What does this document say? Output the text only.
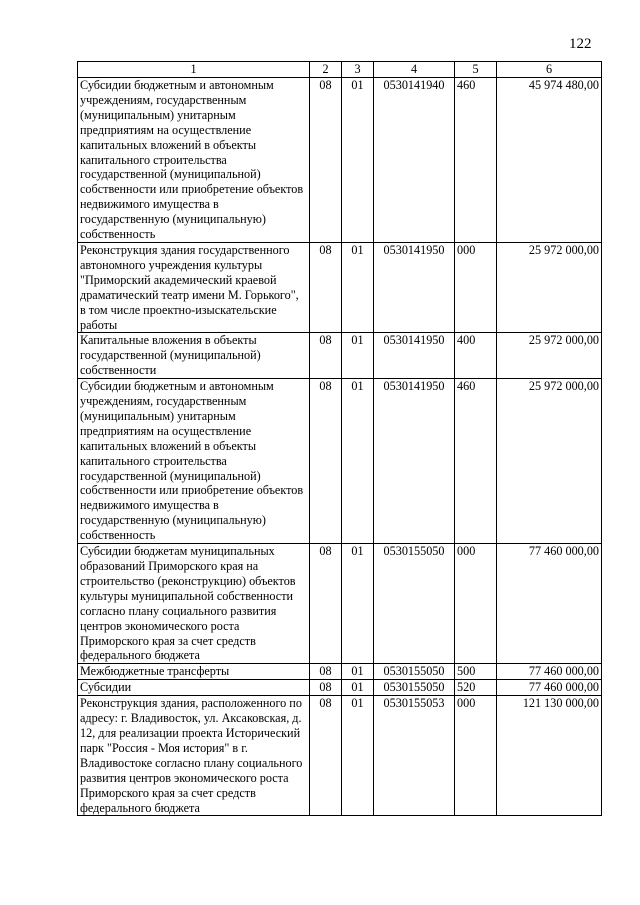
122
1	2	3	4	5	6
Субсидии бюджетным и автономным учреждениям, государственным (муниципальным) унитарным предприятиям на осуществление капитальных вложений в объекты капитального строительства государственной (муниципальной) собственности или приобретение объектов недвижимого имущества в государственную (муниципальную) собственность	08	01	0530141940	460	45 974 480,00
Реконструкция здания государственного автономного учреждения культуры "Приморский академический краевой драматический театр имени М. Горького", в том числе проектно-изыскательские работы	08	01	0530141950	000	25 972 000,00
Капитальные вложения в объекты государственной (муниципальной) собственности	08	01	0530141950	400	25 972 000,00
Субсидии бюджетным и автономным учреждениям, государственным (муниципальным) унитарным предприятиям на осуществление капитальных вложений в объекты капитального строительства государственной (муниципальной) собственности или приобретение объектов недвижимого имущества в государственную (муниципальную) собственность	08	01	0530141950	460	25 972 000,00
Субсидии бюджетам муниципальных образований Приморского края на строительство (реконструкцию) объектов культуры муниципальной собственности согласно плану социального развития центров экономического роста Приморского края за счет средств федерального бюджета	08	01	0530155050	000	77 460 000,00
Межбюджетные трансферты	08	01	0530155050	500	77 460 000,00
Субсидии	08	01	0530155050	520	77 460 000,00
Реконструкция здания, расположенного по адресу: г. Владивосток, ул. Аксаковская, д. 12, для реализации проекта Исторический парк "Россия - Моя история" в г. Владивостоке согласно плану социального развития центров экономического роста Приморского края за счет средств федерального бюджета	08	01	0530155053	000	121 130 000,00
